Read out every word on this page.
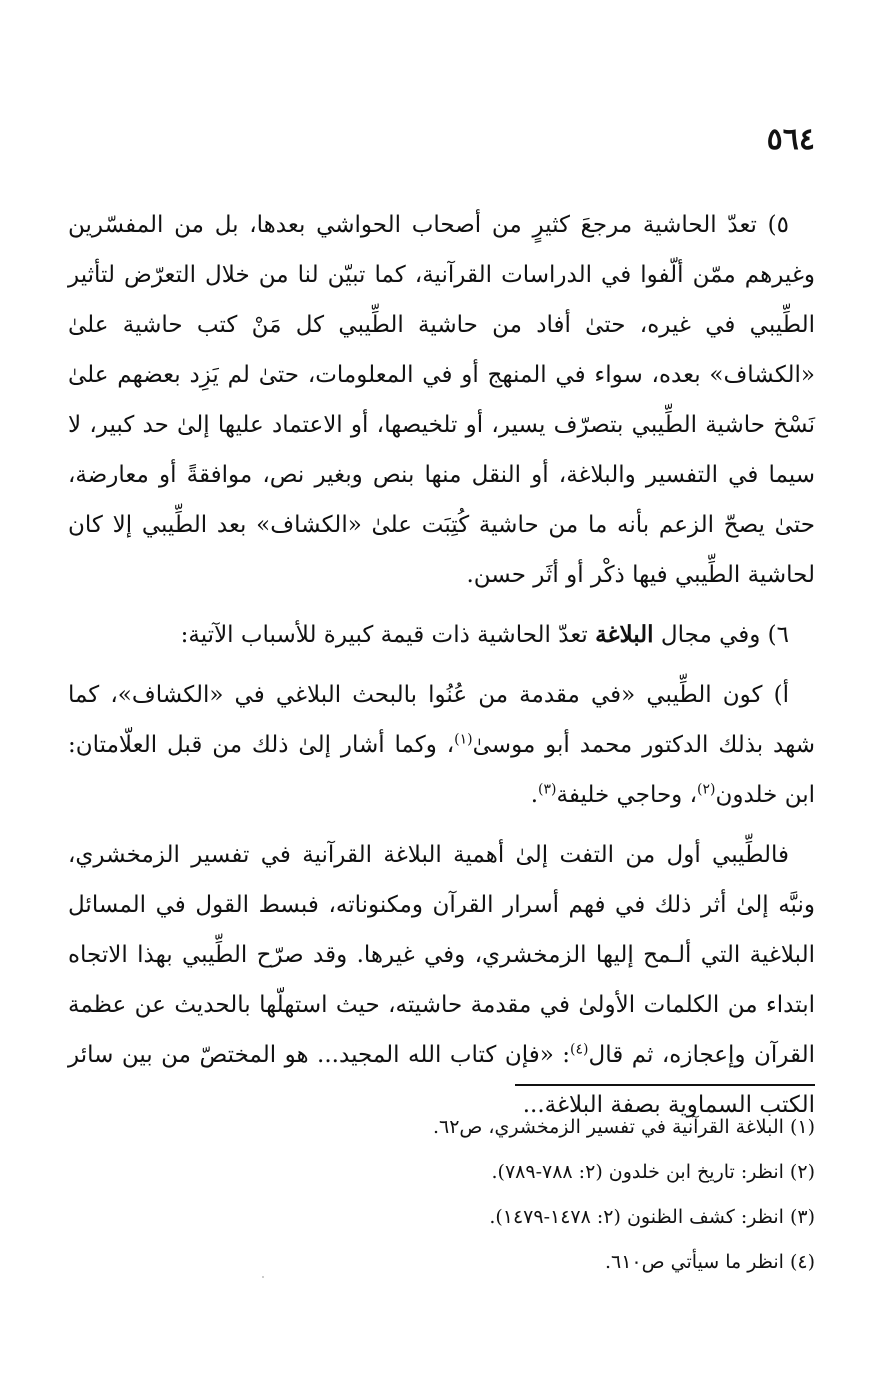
٥٦٤

٥) تعدّ الحاشية مرجعَ كثيرٍ من أصحاب الحواشي بعدها، بل من المفسّرين وغيرهم ممّن ألّفوا في الدراسات القرآنية، كما تبيّن لنا من خلال التعرّض لتأثير الطِّيبي في غيره، حتىٰ أفاد من حاشية الطِّيبي كل مَنْ كتب حاشية علىٰ «الكشاف» بعده، سواء في المنهج أو في المعلومات، حتىٰ لم يَزِد بعضهم علىٰ نَسْخ حاشية الطِّيبي بتصرّف يسير، أو تلخيصها، أو الاعتماد عليها إلىٰ حد كبير، لا سيما في التفسير والبلاغة، أو النقل منها بنص وبغير نص، موافقةً أو معارضة، حتىٰ يصحّ الزعم بأنه ما من حاشية كُتِبَت علىٰ «الكشاف» بعد الطِّيبي إلا كان لحاشية الطِّيبي فيها ذكْر أو أثَر حسن.

٦) وفي مجال البلاغة تعدّ الحاشية ذات قيمة كبيرة للأسباب الآتية:

أ) كون الطِّيبي «في مقدمة من عُنُوا بالبحث البلاغي في «الكشاف»، كما شهد بذلك الدكتور محمد أبو موسىٰ$^{(١)}$، وكما أشار إلىٰ ذلك من قبل العلّامتان: ابن خلدون$^{(٢)}$، وحاجي خليفة$^{(٣)}$.

فالطِّيبي أول من التفت إلىٰ أهمية البلاغة القرآنية في تفسير الزمخشري، ونبَّه إلىٰ أثر ذلك في فهم أسرار القرآن ومكنوناته، فبسط القول في المسائل البلاغية التي ألـمح إليها الزمخشري، وفي غيرها. وقد صرّح الطِّيبي بهذا الاتجاه ابتداء من الكلمات الأولىٰ في مقدمة حاشيته، حيث استهلّها بالحديث عن عظمة القرآن وإعجازه، ثم قال$^{(٤)}$: «فإن كتاب الله المجيد... هو المختصّ من بين سائر الكتب السماوية بصفة البلاغة...

(١) البلاغة القرآنية في تفسير الزمخشري، ص٦٢.
(٢) انظر: تاريخ ابن خلدون (٢: ٧٨٨-٧٨٩).
(٣) انظر: كشف الظنون (٢: ١٤٧٨-١٤٧٩).
(٤) انظر ما سيأتي ص٦١٠.
